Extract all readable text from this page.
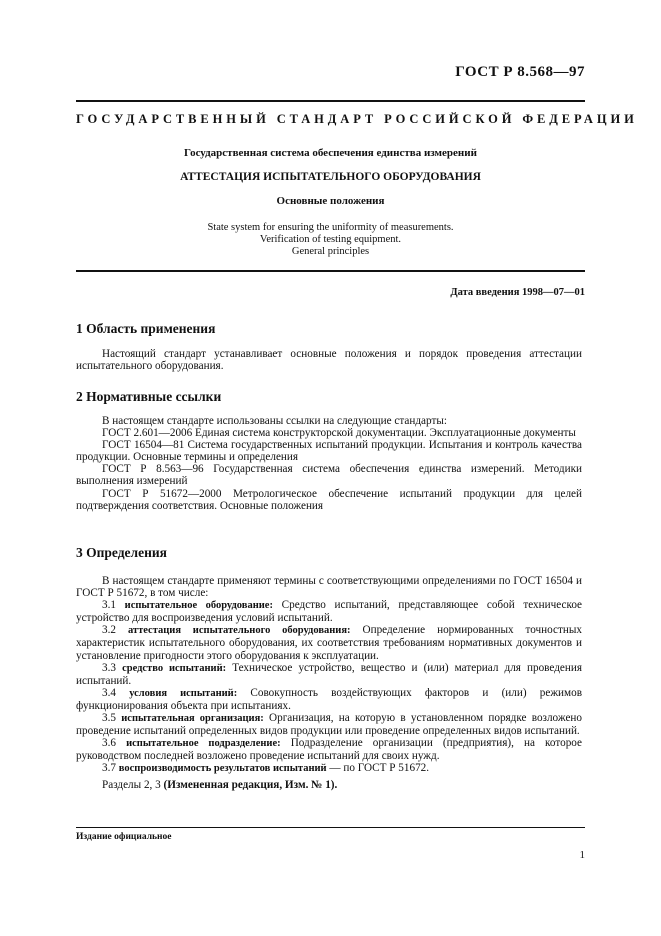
ГОСТ Р 8.568—97
ГОСУДАРСТВЕННЫЙ СТАНДАРТ РОССИЙСКОЙ ФЕДЕРАЦИИ
Государственная система обеспечения единства измерений
АТТЕСТАЦИЯ ИСПЫТАТЕЛЬНОГО ОБОРУДОВАНИЯ
Основные положения
State system for ensuring the uniformity of measurements.
Verification of testing equipment.
General principles
Дата введения 1998—07—01
1 Область применения

Настоящий стандарт устанавливает основные положения и порядок проведения аттестации испытательного оборудования.

2 Нормативные ссылки

В настоящем стандарте использованы ссылки на следующие стандарты:

ГОСТ 2.601—2006 Единая система конструкторской документации. Эксплуатационные документы

ГОСТ 16504—81 Система государственных испытаний продукции. Испытания и контроль качества продукции. Основные термины и определения

ГОСТ Р 8.563—96 Государственная система обеспечения единства измерений. Методики выполнения измерений

ГОСТ Р 51672—2000 Метрологическое обеспечение испытаний продукции для целей подтверждения соответствия. Основные положения

3 Определения

В настоящем стандарте применяют термины с соответствующими определениями по ГОСТ 16504 и ГОСТ Р 51672, в том числе:

3.1 испытательное оборудование: Средство испытаний, представляющее собой техническое устройство для воспроизведения условий испытаний.

3.2 аттестация испытательного оборудования: Определение нормированных точностных характеристик испытательного оборудования, их соответствия требованиям нормативных документов и установление пригодности этого оборудования к эксплуатации.

3.3 средство испытаний: Техническое устройство, вещество и (или) материал для проведения испытаний.

3.4 условия испытаний: Совокупность воздействующих факторов и (или) режимов функционирования объекта при испытаниях.

3.5 испытательная организация: Организация, на которую в установленном порядке возложено проведение испытаний определенных видов продукции или проведение определенных видов испытаний.

3.6 испытательное подразделение: Подразделение организации (предприятия), на которое руководством последней возложено проведение испытаний для своих нужд.

3.7 воспроизводимость результатов испытаний — по ГОСТ Р 51672.

Разделы 2, 3 (Измененная редакция, Изм. № 1).

Издание официальное
1
